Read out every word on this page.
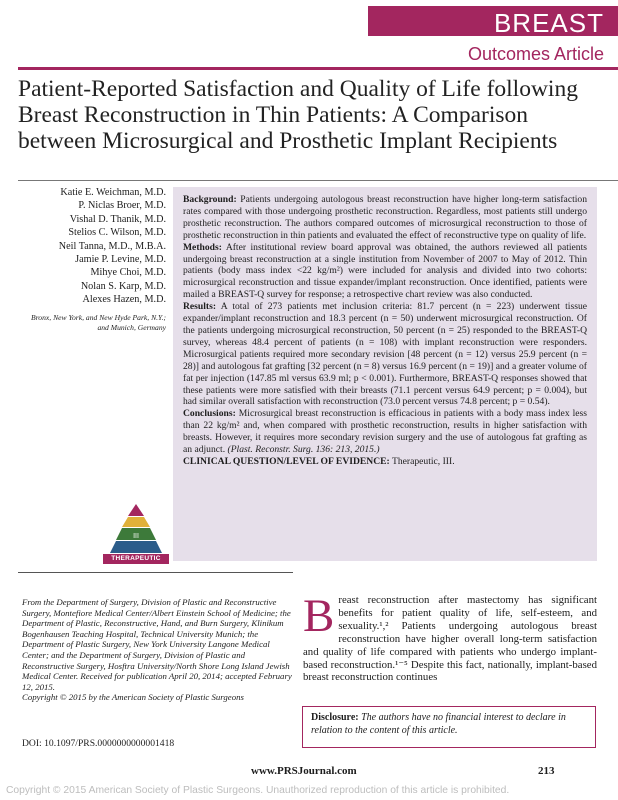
BREAST
Outcomes Article
Patient-Reported Satisfaction and Quality of Life following Breast Reconstruction in Thin Patients: A Comparison between Microsurgical and Prosthetic Implant Recipients
Katie E. Weichman, M.D.
P. Niclas Broer, M.D.
Vishal D. Thanik, M.D.
Stelios C. Wilson, M.D.
Neil Tanna, M.D., M.B.A.
Jamie P. Levine, M.D.
Mihye Choi, M.D.
Nolan S. Karp, M.D.
Alexes Hazen, M.D.
Bronx, New York, and New Hyde Park, N.Y.; and Munich, Germany

Background: Patients undergoing autologous breast reconstruction have higher long-term satisfaction rates compared with those undergoing prosthetic reconstruction. Regardless, most patients still undergo prosthetic reconstruction. The authors compared outcomes of microsurgical reconstruction to those of prosthetic reconstruction in thin patients and evaluated the effect of reconstructive type on quality of life.

Methods: After institutional review board approval was obtained, the authors reviewed all patients undergoing breast reconstruction at a single institution from November of 2007 to May of 2012. Thin patients (body mass index <22 kg/m²) were included for analysis and divided into two cohorts: microsurgical reconstruction and tissue expander/implant reconstruction. Once identified, patients were mailed a BREAST-Q survey for response; a retrospective chart review was also conducted.

Results: A total of 273 patients met inclusion criteria: 81.7 percent (n = 223) underwent tissue expander/implant reconstruction and 18.3 percent (n = 50) underwent microsurgical reconstruction. Of the patients undergoing microsurgical reconstruction, 50 percent (n = 25) responded to the BREAST-Q survey, whereas 48.4 percent of patients (n = 108) with implant reconstruction were responders. Microsurgical patients required more secondary revision [48 percent (n = 12) versus 25.9 percent (n = 28)] and autologous fat grafting [32 percent (n = 8) versus 16.9 percent (n = 19)] and a greater volume of fat per injection (147.85 ml versus 63.9 ml; p < 0.001). Furthermore, BREAST-Q responses showed that these patients were more satisfied with their breasts (71.1 percent versus 64.9 percent; p = 0.004), but had similar overall satisfaction with reconstruction (73.0 percent versus 74.8 percent; p = 0.54).

Conclusions: Microsurgical breast reconstruction is efficacious in patients with a body mass index less than 22 kg/m² and, when compared with prosthetic reconstruction, results in higher satisfaction with breasts. However, it requires more secondary revision surgery and the use of autologous fat grafting as an adjunct. (Plast. Reconstr. Surg. 136: 213, 2015.)

CLINICAL QUESTION/LEVEL OF EVIDENCE: Therapeutic, III.

III
THERAPEUTIC
From the Department of Surgery, Division of Plastic and Reconstructive Surgery, Montefiore Medical Center/Albert Einstein School of Medicine; the Department of Plastic, Reconstructive, Hand, and Burn Surgery, Klinikum Bogenhausen Teaching Hospital, Technical University Munich; the Department of Plastic Surgery, New York University Langone Medical Center; and the Department of Surgery, Division of Plastic and Reconstructive Surgery, Hosftra University/North Shore Long Island Jewish Medical Center. Received for publication April 20, 2014; accepted February 12, 2015.
Copyright © 2015 by the American Society of Plastic Surgeons
DOI: 10.1097/PRS.0000000000001418
B reast reconstruction after mastectomy has significant benefits for patient quality of life, self-esteem, and sexuality.¹,² Patients undergoing autologous breast reconstruction have higher overall long-term satisfaction and quality of life compared with patients who undergo implant-based reconstruction.¹⁻⁵ Despite this fact, nationally, implant-based breast reconstruction continues
Disclosure: The authors have no financial interest to declare in relation to the content of this article.
www.PRSJournal.com	213
Copyright © 2015 American Society of Plastic Surgeons. Unauthorized reproduction of this article is prohibited.
